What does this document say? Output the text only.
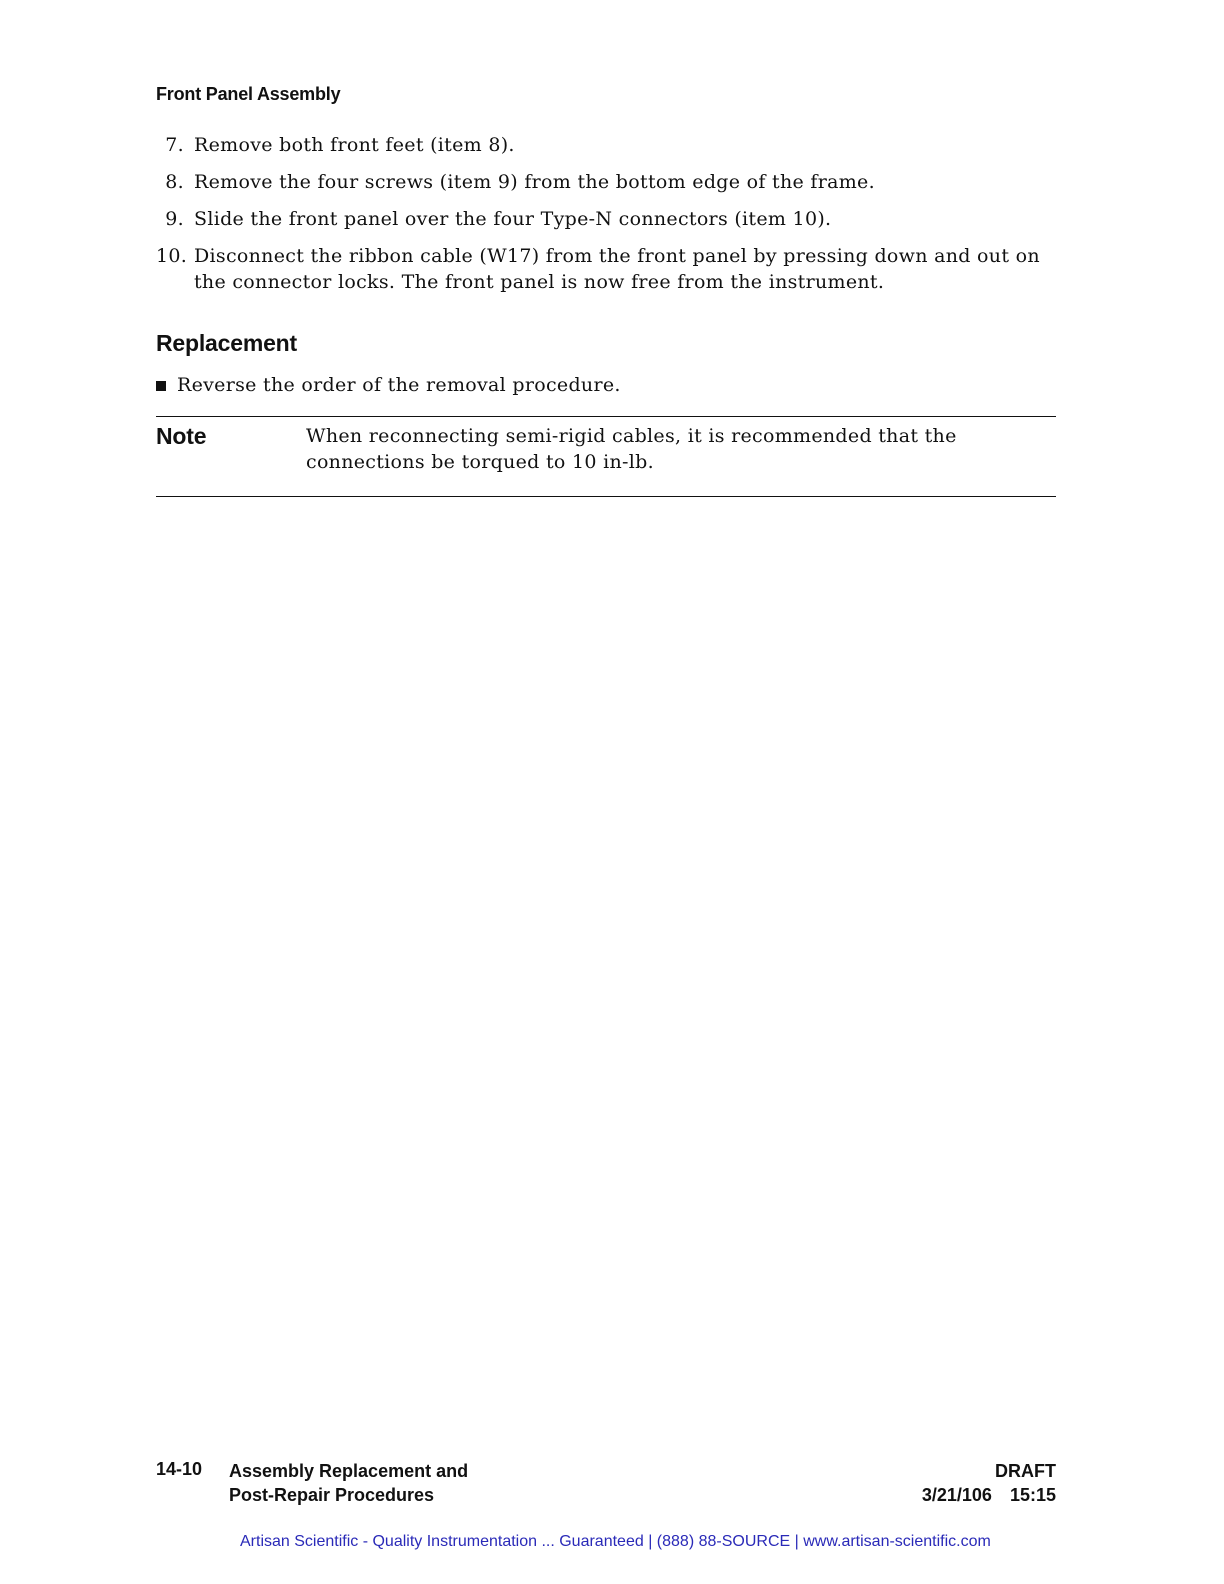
Front Panel Assembly
7. Remove both front feet (item 8).
8. Remove the four screws (item 9) from the bottom edge of the frame.
9. Slide the front panel over the four Type-N connectors (item 10).
10. Disconnect the ribbon cable (W17) from the front panel by pressing down and out on the connector locks. The front panel is now free from the instrument.
Replacement
Reverse the order of the removal procedure.
Note	When reconnecting semi-rigid cables, it is recommended that the connections be torqued to 10 in-lb.
14-10 Assembly Replacement and
Post-Repair Procedures
DRAFT
3/21/106 15:15
Artisan Scientific - Quality Instrumentation ... Guaranteed | (888) 88-SOURCE | www.artisan-scientific.com
